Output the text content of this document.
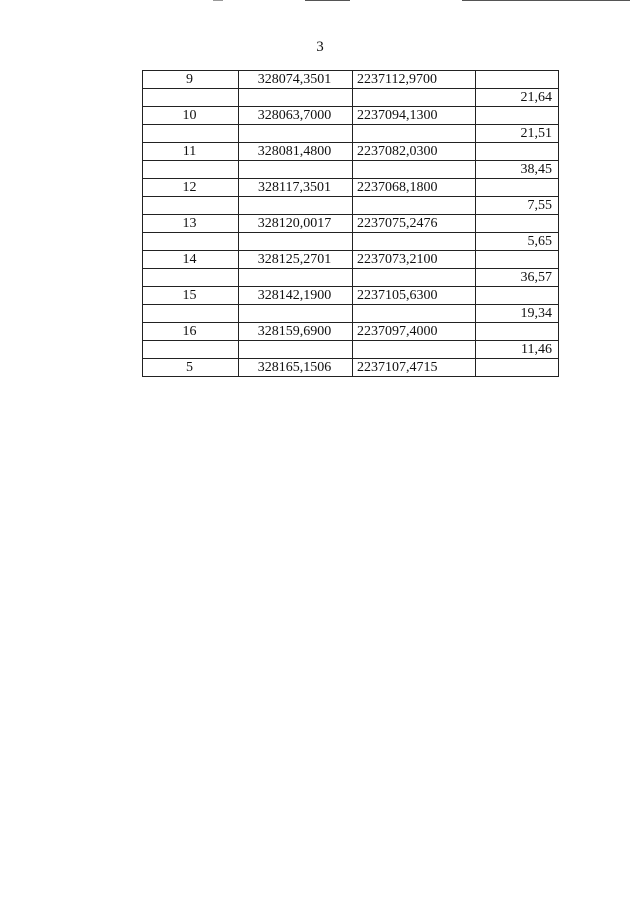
3
9	328074,3501	2237112,9700	
			21,64
10	328063,7000	2237094,1300	
			21,51
11	328081,4800	2237082,0300	
			38,45
12	328117,3501	2237068,1800	
			7,55
13	328120,0017	2237075,2476	
			5,65
14	328125,2701	2237073,2100	
			36,57
15	328142,1900	2237105,6300	
			19,34
16	328159,6900	2237097,4000	
			11,46
5	328165,1506	2237107,4715	
